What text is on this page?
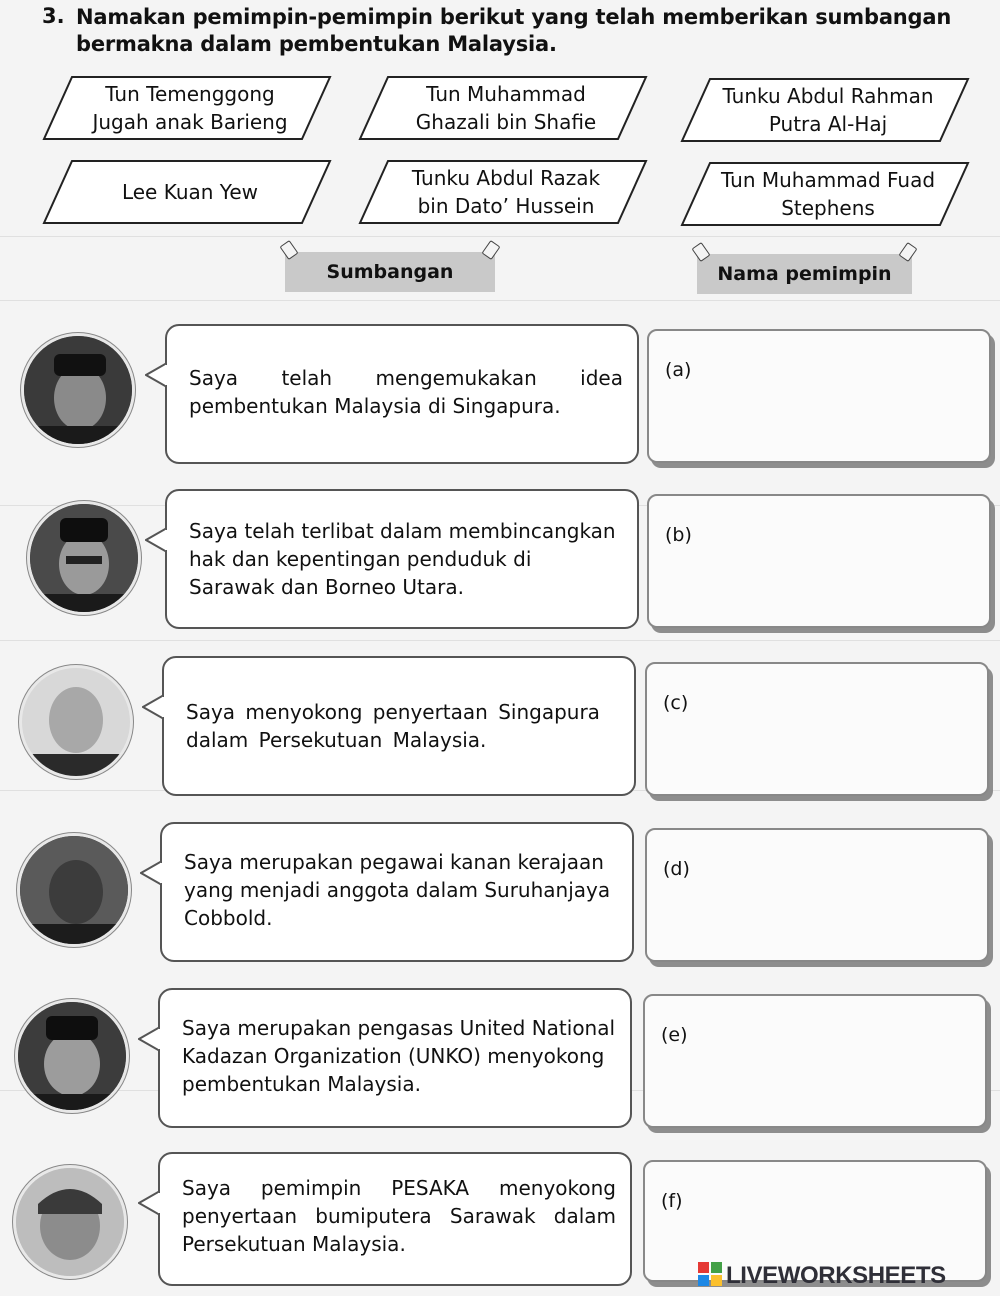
3. Namakan pemimpin-pemimpin berikut yang telah memberikan sumbangan bermakna dalam pembentukan Malaysia.
Tun Temenggong Jugah anak Barieng
Tun Muhammad Ghazali bin Shafie
Tunku Abdul Rahman Putra Al-Haj
Lee Kuan Yew
Tunku Abdul Razak bin Dato’ Hussein
Tun Muhammad Fuad Stephens
Sumbangan	Nama pemimpin
Saya telah mengemukakan idea pembentukan Malaysia di Singapura.
(a)
Saya telah terlibat dalam membincangkan hak dan kepentingan penduduk di Sarawak dan Borneo Utara.
(b)
Saya menyokong penyertaan Singapura dalam Persekutuan Malaysia.
(c)
Saya merupakan pegawai kanan kerajaan yang menjadi anggota dalam Suruhanjaya Cobbold.
(d)
Saya merupakan pengasas United National Kadazan Organization (UNKO) menyokong pembentukan Malaysia.
(e)
Saya pemimpin PESAKA menyokong penyertaan bumiputera Sarawak dalam Persekutuan Malaysia.
(f)
LIVEWORKSHEETS
